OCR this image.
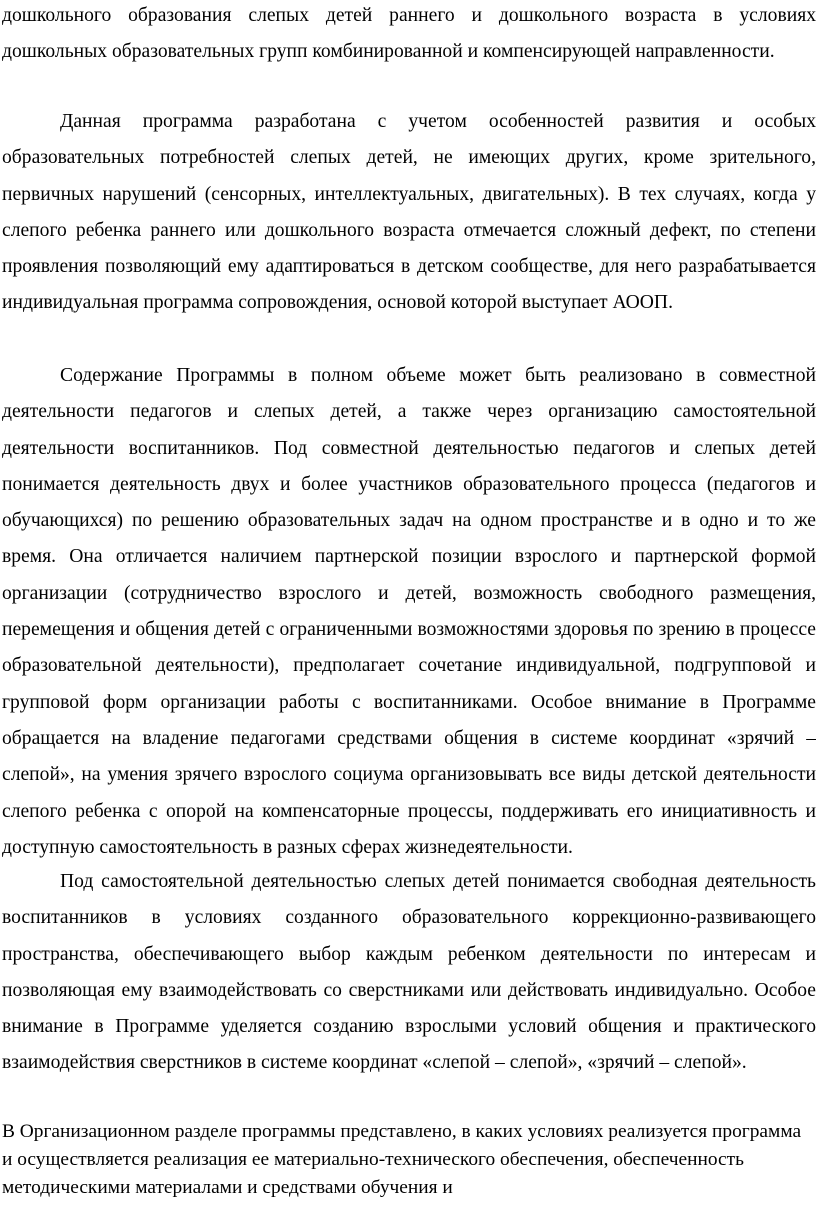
дошкольного образования слепых детей раннего и дошкольного возраста в условиях дошкольных образовательных групп комбинированной и компенсирующей направленности.

Данная программа разработана с учетом особенностей развития и особых образовательных потребностей слепых детей, не имеющих других, кроме зрительного, первичных нарушений (сенсорных, интеллектуальных, двигательных). В тех случаях, когда у слепого ребенка раннего или дошкольного возраста отмечается сложный дефект, по степени проявления позволяющий ему адаптироваться в детском сообществе, для него разрабатывается индивидуальная программа сопровождения, основой которой выступает АООП.

Содержание Программы в полном объеме может быть реализовано в совместной деятельности педагогов и слепых детей, а также через организацию самостоятельной деятельности воспитанников. Под совместной деятельностью педагогов и слепых детей понимается деятельность двух и более участников образовательного процесса (педагогов и обучающихся) по решению образовательных задач на одном пространстве и в одно и то же время. Она отличается наличием партнерской позиции взрослого и партнерской формой организации (сотрудничество взрослого и детей, возможность свободного размещения, перемещения и общения детей с ограниченными возможностями здоровья по зрению в процессе образовательной деятельности), предполагает сочетание индивидуальной, подгрупповой и групповой форм организации работы с воспитанниками. Особое внимание в Программе обращается на владение педагогами средствами общения в системе координат «зрячий – слепой», на умения зрячего взрослого социума организовывать все виды детской деятельности слепого ребенка с опорой на компенсаторные процессы, поддерживать его инициативность и доступную самостоятельность в разных сферах жизнедеятельности.

Под самостоятельной деятельностью слепых детей понимается свободная деятельность воспитанников в условиях созданного образовательного коррекционно-развивающего пространства, обеспечивающего выбор каждым ребенком деятельности по интересам и позволяющая ему взаимодействовать со сверстниками или действовать индивидуально. Особое внимание в Программе уделяется созданию взрослыми условий общения и практического взаимодействия сверстников в системе координат «слепой – слепой», «зрячий – слепой».

В Организационном разделе программы представлено, в каких условиях реализуется программа и осуществляется реализация ее материально-технического обеспечения, обеспеченность методическими материалами и средствами обучения и
